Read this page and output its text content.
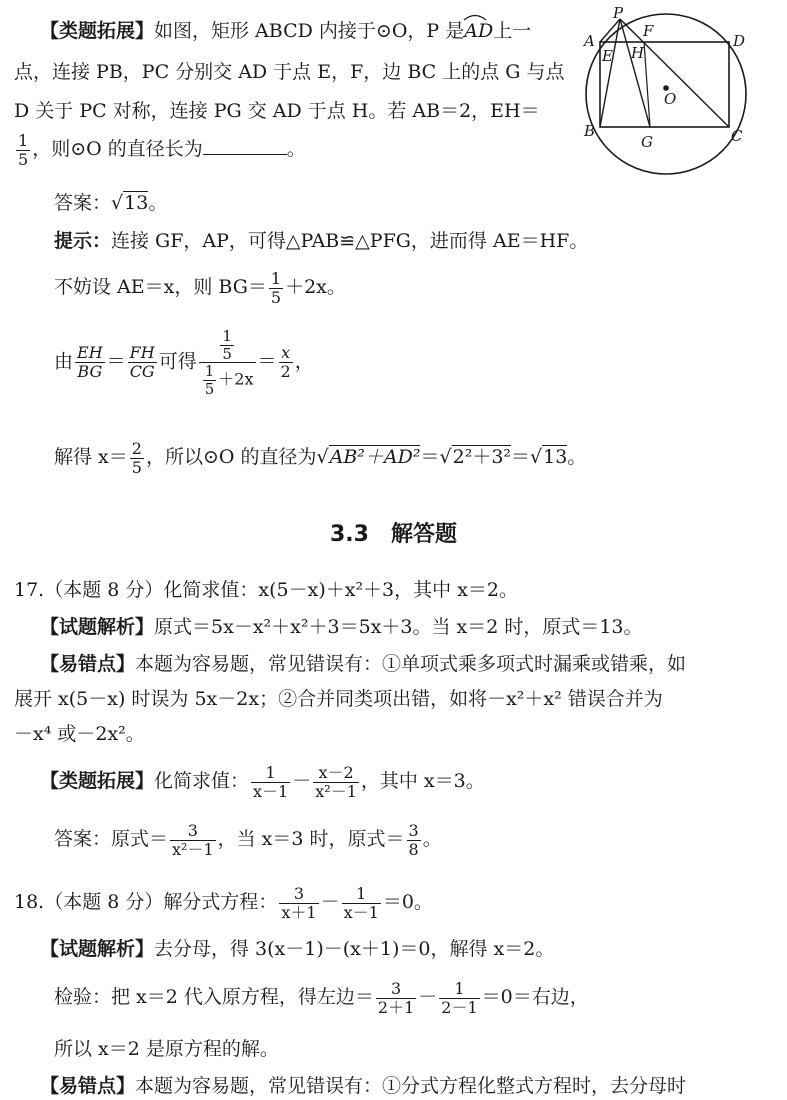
【类题拓展】如图，矩形 ABCD 内接于⊙O，P 是AD
上一
点，连接 PB，PC 分别交 AD 于点 E，F，边 BC 上的点 G 与点
D 关于 PC 对称，连接 PG 交 AD 于点 H。若 AB＝2，EH＝
$\frac{1}{5}$ ，则⊙O 的直径长为	。
P
A
F
D
E H
O
B
G	C
答案：√13。
提示：连接 GF，AP，可得△PAB≌△PFG，进而得 AE＝HF。
不妨设 AE＝x，则 $BG= \frac{1}{5} +2x$。
由 $\frac{EH}{BG} = \frac{FH}{CG}$ 可得 $\frac{\frac{1}{5}}{\frac{1}{5} +2x} = \frac{x}{2}$ ，
解得 $x= \frac{2}{5}$ ，所以⊙O 的直径为√AB²＋AD²＝√2²＋3²＝√13。
3.3　解答题
17.（本题 8 分）化简求值：x(5－x)＋x²＋3，其中 x＝2。
【试题解析】原式＝5x－x²＋x²＋3＝5x＋3。当 x＝2 时，原式＝13。
【易错点】本题为容易题，常见错误有：①单项式乘多项式时漏乘或错乘，如
展开 x(5－x) 时误为 5x－2x；②合并同类项出错，如将－x²＋x² 错误合并为
－x⁴ 或－2x²。
【类题拓展】化简求值： $\frac{1}{x-1} - \frac{x-2}{\text{x²－1}}$ ，其中 x＝3。
答案：原式＝ $\frac{3}{\text{x²－1}}$ ，当 x＝3 时，原式＝ $\frac{3}{8}$ 。
18.（本题 8 分）解分式方程： $\frac{3}{x+1} - \frac{1}{x-1} =0$。
【试题解析】去分母，得 3(x－1)－(x＋1)＝0，解得 x＝2。
检验：把 x＝2 代入原方程，得左边＝ $\frac{3}{2+1} - \frac{1}{2-1} =0=$右边，
所以 x＝2 是原方程的解。
【易错点】本题为容易题，常见错误有：①分式方程化整式方程时，去分母时
